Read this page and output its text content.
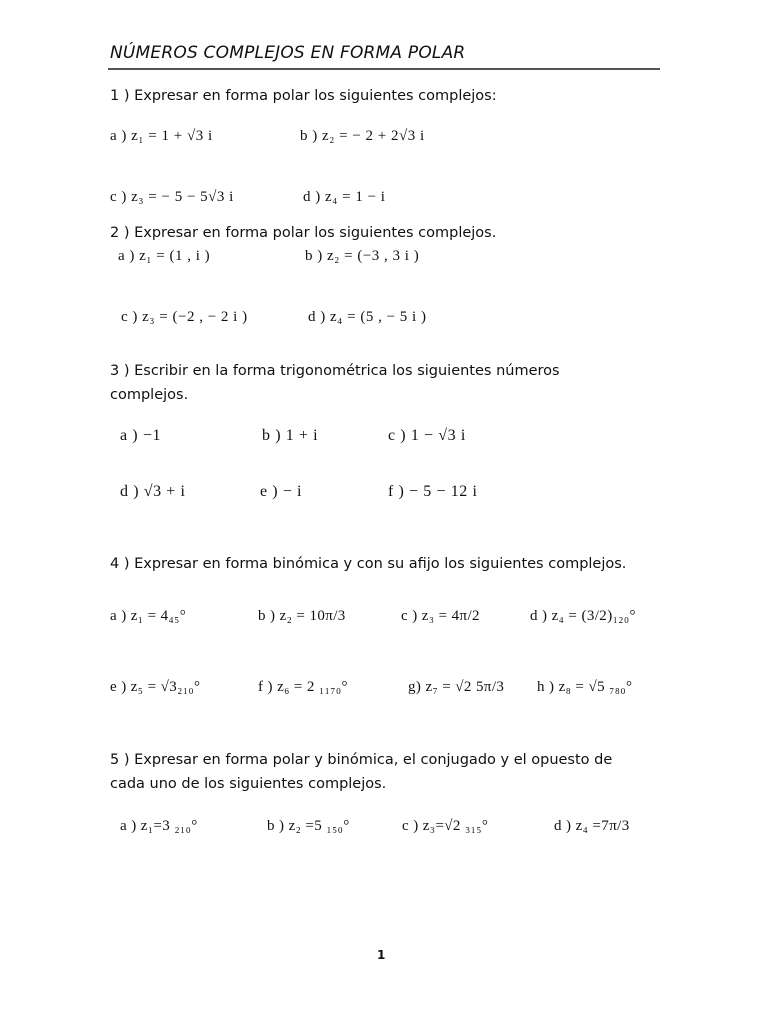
NÚMEROS COMPLEJOS EN FORMA POLAR
1 ) Expresar en forma polar los siguientes complejos:
a ) z₁ = 1 + √3 i	b ) z₂ = − 2 + 2√3 i
c ) z₃ = − 5 − 5√3 i	d ) z₄ = 1 − i
2 ) Expresar en forma polar los siguientes complejos.
a ) z₁ = (1 , i )	b ) z₂ = (−3 , 3 i )
c ) z₃ = (−2 , − 2 i )	d ) z₄ = (5 , − 5 i )
3 ) Escribir en la forma trigonométrica los siguientes números
complejos.
a ) −1	b ) 1 + i	c ) 1 − √3 i
d ) √3 + i	e ) − i	f ) − 5 − 12 i
4 ) Expresar en forma binómica y con su afijo los siguientes complejos.
a ) z₁ = 4₄₅°	b ) z₂ = 10π/3	c ) z₃ = 4π/2	d ) z₄ = (3/2)₁₂₀°
e ) z₅ = √3₂₁₀°	f ) z₆ = 2 ₁₁₇₀°	g) z₇ = √2 5π/3 h ) z₈ = √5 ₇₈₀°
5 ) Expresar en forma polar y binómica, el conjugado y el opuesto de
cada uno de los siguientes complejos.
a ) z₁=3 ₂₁₀°	b ) z₂ =5 ₁₅₀°	c ) z₃=√2 ₃₁₅°	d ) z₄ =7π/3
1
